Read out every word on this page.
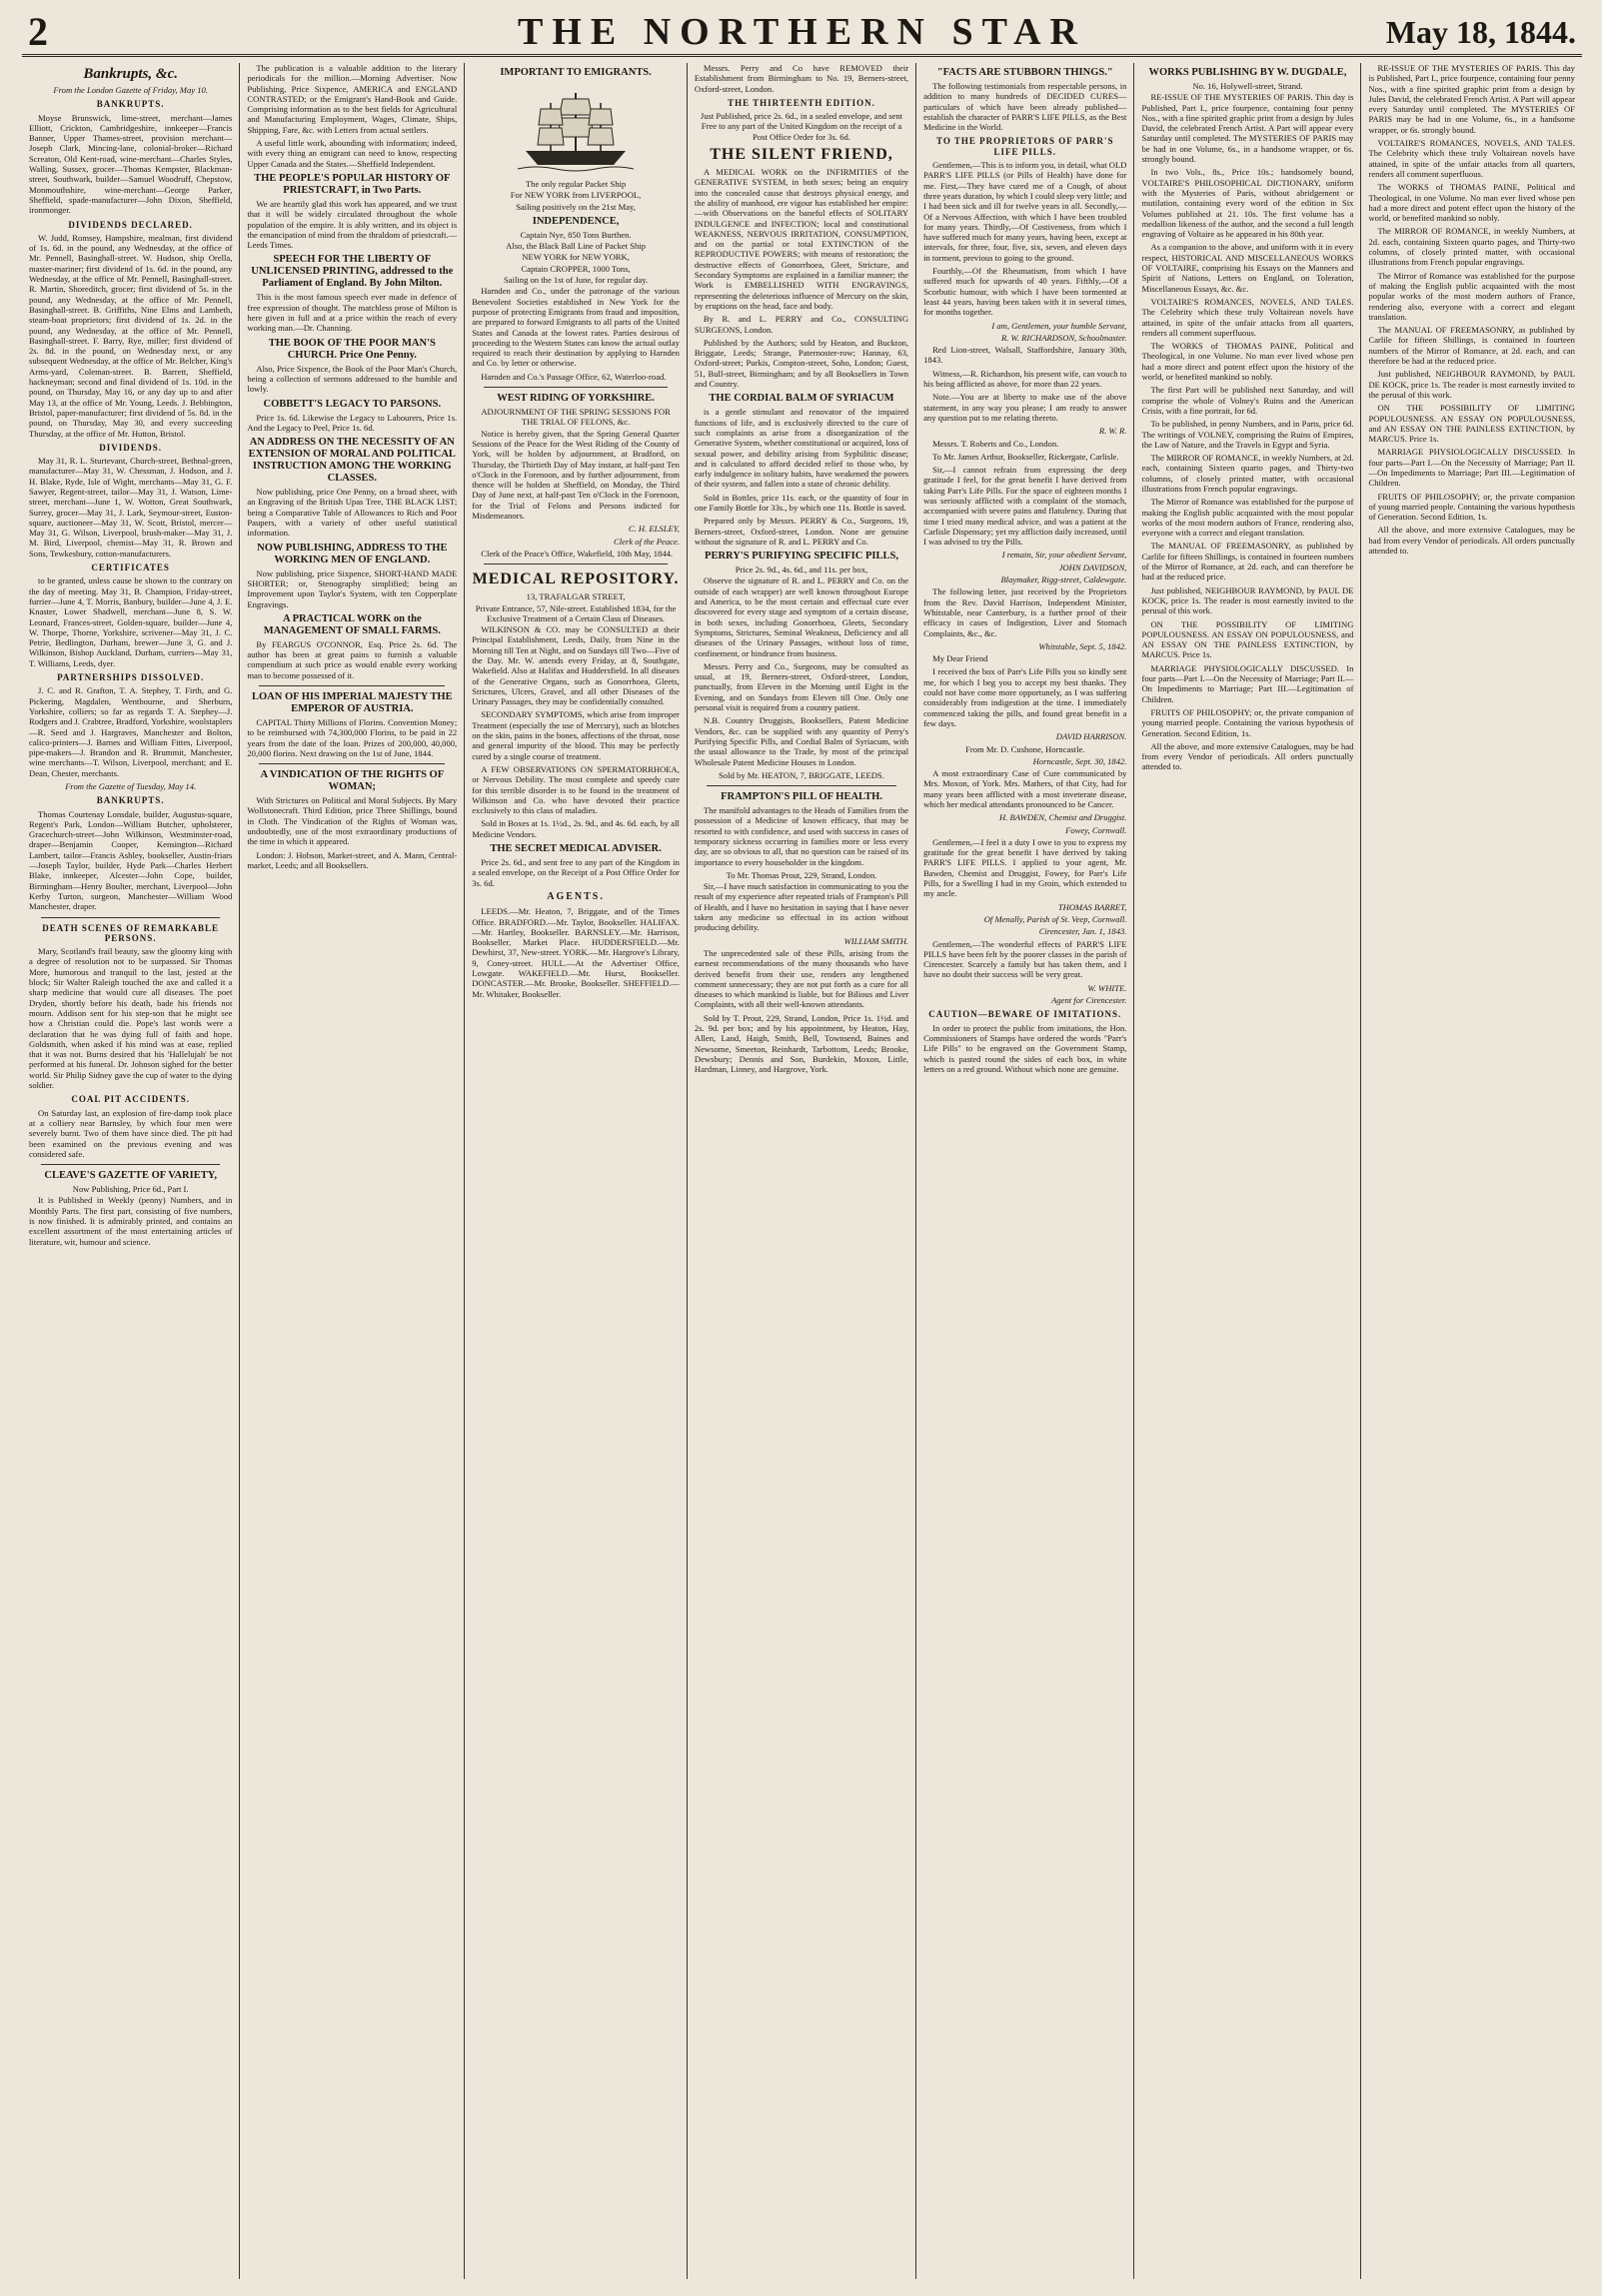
2	THE NORTHERN STAR	May 18, 1844.
Bankrupts, &c.
From the London Gazette of Friday, May 10.
BANKRUPTS.

Moyse Brunswick, lime-street, merchant—James Elliott, Crickton, Cambridgeshire, innkeeper—Francis Banner, Upper Thames-street, provision merchant—Joseph Clark, Mincing-lane, colonial-broker—Richard Screaton, Old Kent-road, wine-merchant—Charles Styles, Walling, Sussex, grocer—Thomas Kempster, Blackman-street, Southwark, builder—Samuel Woodruff, Chepstow, Monmouthshire, wine-merchant—George Parker, Sheffield, spade-manufacturer—John Dixon, Sheffield, ironmonger.

DIVIDENDS DECLARED.

W. Judd, Romsey, Hampshire, mealman, first dividend of 1s. 6d. in the pound, any Wednesday, at the office of Mr. Pennell, Basinghall-street. W. Hudson, ship Orella, master-mariner; first dividend of 1s. 6d. in the pound, any Wednesday, at the office of Mr. Pennell, Basinghall-street. R. Martin, Shoreditch, grocer; first dividend of 5s. in the pound, any Wednesday, at the office of Mr. Pennell, Basinghall-street. B. Griffiths, Nine Elms and Lambeth, steam-boat proprietors; first dividend of 1s. 2d. in the pound, any Wednesday, at the office of Mr. Pennell, Basinghall-street. F. Barry, Rye, miller; first dividend of 2s. 8d. in the pound, on Wednesday next, or any subsequent Wednesday, at the office of Mr. Belcher, King's Arms-yard, Coleman-street. B. Barrett, Sheffield, hackneyman; second and final dividend of 1s. 10d. in the pound, on Thursday, May 16, or any day up to and after May 13, at the office of Mr. Young, Leeds. J. Bebbington, Bristol, paper-manufacturer; first dividend of 5s. 8d. in the pound, on Thursday, May 30, and every succeeding Thursday, at the office of Mr. Hutton, Bristol.

DIVIDENDS.

May 31, R. L. Sturtevant, Church-street, Bethnal-green, manufacturer—May 31, W. Chessman, J. Hodson, and J. H. Blake, Ryde, Isle of Wight, merchants—May 31, G. F. Sawyer, Regent-street, tailor—May 31, J. Watson, Lime-street, merchant—June 1, W. Wotton, Great Southwark, Surrey, grocer—May 31, J. Lark, Seymour-street, Euston-square, auctioneer—May 31, W. Scott, Bristol, mercer—May 31, G. Wilson, Liverpool, brush-maker—May 31, J. M. Bird, Liverpool, chemist—May 31, R. Brown and Sons, Tewkesbury, cotton-manufacturers.

CERTIFICATES

to be granted, unless cause be shown to the contrary on the day of meeting. May 31, B. Champion, Friday-street, furrier—June 4, T. Morris, Banbury, builder—June 4, J. E. Knaster, Lower Shadwell, merchant—June 8, S. W. Leonard, Frances-street, Golden-square, builder—June 4, W. Thorpe, Thorne, Yorkshire, scrivener—May 31, J. C. Petrie, Bedlington, Durham, brewer—June 3, G. and J. Wilkinson, Bishop Auckland, Durham, curriers—May 31, T. Williams, Leeds, dyer.

PARTNERSHIPS DISSOLVED.

J. C. and R. Grafton, T. A. Stephey, T. Firth, and G. Pickering, Magdalen, Wentbourne, and Sherburn, Yorkshire, colliers; so far as regards T. A. Stephey—J. Rodgers and J. Crabtree, Bradford, Yorkshire, woolstaplers—R. Seed and J. Hargraves, Manchester and Bolton, calico-printers—J. Barnes and William Fittes, Liverpool, pipe-makers—J. Brandon and R. Brummit, Manchester, wine merchants—T. Wilson, Liverpool, merchant; and E. Dean, Chester, merchants.

From the Gazette of Tuesday, May 14.
BANKRUPTS.

Thomas Courtenay Lonsdale, builder, Augustus-square, Regent's Park, London—William Butcher, upholsterer, Gracechurch-street—John Wilkinson, Westminster-road, draper—Benjamin Cooper, Kensington—Richard Lambert, tailor—Francis Ashley, bookseller, Austin-friars—Joseph Taylor, builder, Hyde Park—Charles Herbert Blake, innkeeper, Alcester—John Cope, builder, Birmingham—Henry Boulter, merchant, Liverpool—John Kerby Turton, surgeon, Manchester—William Wood Manchester, draper.

DEATH SCENES OF REMARKABLE PERSONS.

Mary, Scotland's frail beauty, saw the gloomy king with a degree of resolution not to be surpassed. Sir Thomas More, humorous and tranquil to the last, jested at the block; Sir Walter Raleigh touched the axe and called it a sharp medicine that would cure all diseases. The poet Dryden, shortly before his death, bade his friends not mourn. Addison sent for his step-son that he might see how a Christian could die. Pope's last words were a declaration that he was dying full of faith and hope. Goldsmith, when asked if his mind was at ease, replied that it was not. Burns desired that his 'Hallelujah' be not performed at his funeral. Dr. Johnson sighed for the better world. Sir Philip Sidney gave the cup of water to the dying soldier.

COAL PIT ACCIDENTS.

On Saturday last, an explosion of fire-damp took place at a colliery near Barnsley, by which four men were severely burnt. Two of them have since died. The pit had been examined on the previous evening and was considered safe.

CLEAVE'S GAZETTE OF VARIETY,
Now Publishing, Price 6d., Part I.

It is Published in Weekly (penny) Numbers, and in Monthly Parts. The first part, consisting of five numbers, is now finished. It is admirably printed, and contains an excellent assortment of the most entertaining articles of literature, wit, humour and science.

The publication is a valuable addition to the literary periodicals for the million.—Morning Advertiser. Now Publishing, Price Sixpence, AMERICA and ENGLAND CONTRASTED; or the Emigrant's Hand-Book and Guide. Comprising information as to the best fields for Agricultural and Manufacturing Employment, Wages, Climate, Ships, Shipping, Fare, &c. with Letters from actual settlers.

A useful little work, abounding with information; indeed, with every thing an emigrant can need to know, respecting Upper Canada and the States.—Sheffield Independent.

THE PEOPLE'S POPULAR HISTORY OF PRIESTCRAFT, in Two Parts.

We are heartily glad this work has appeared, and we trust that it will be widely circulated throughout the whole population of the empire. It is ably written, and its object is the emancipation of mind from the thraldom of priestcraft.—Leeds Times.

SPEECH FOR THE LIBERTY OF UNLICENSED PRINTING, addressed to the Parliament of England. By John Milton.

This is the most famous speech ever made in defence of free expression of thought. The matchless prose of Milton is here given in full and at a price within the reach of every working man.—Dr. Channing.

THE BOOK OF THE POOR MAN'S CHURCH. Price One Penny.

Also, Price Sixpence, the Book of the Poor Man's Church, being a collection of sermons addressed to the humble and lowly.

COBBETT'S LEGACY TO PARSONS.

Price 1s. 6d. Likewise the Legacy to Labourers, Price 1s. And the Legacy to Peel, Price 1s. 6d.

AN ADDRESS ON THE NECESSITY OF AN EXTENSION OF MORAL AND POLITICAL INSTRUCTION AMONG THE WORKING CLASSES.

Now publishing, price One Penny, on a broad sheet, with an Engraving of the British Upas Tree, THE BLACK LIST; being a Comparative Table of Allowances to Rich and Poor Paupers, with a variety of other useful statistical information.

NOW PUBLISHING, ADDRESS TO THE WORKING MEN OF ENGLAND.

Now publishing, price Sixpence, SHORT-HAND MADE SHORTER; or, Stenography simplified; being an Improvement upon Taylor's System, with ten Copperplate Engravings.

A PRACTICAL WORK on the MANAGEMENT OF SMALL FARMS.

By FEARGUS O'CONNOR, Esq. Price 2s. 6d. The author has been at great pains to furnish a valuable compendium at such price as would enable every working man to become possessed of it.

LOAN OF HIS IMPERIAL MAJESTY THE EMPEROR OF AUSTRIA.

CAPITAL Thirty Millions of Florins. Convention Money; to be reimbursed with 74,300,000 Florins, to be paid in 22 years from the date of the loan. Prizes of 200,000, 40,000, 20,000 florins. Next drawing on the 1st of June, 1844.

A VINDICATION OF THE RIGHTS OF WOMAN;

With Strictures on Political and Moral Subjects. By Mary Wollstonecraft. Third Edition, price Three Shillings, bound in Cloth. The Vindication of the Rights of Woman was, undoubtedly, one of the most extraordinary productions of the time in which it appeared.

London: J. Hobson, Market-street, and A. Mann, Central-market, Leeds; and all Booksellers.

IMPORTANT TO EMIGRANTS.
The only regular Packet Ship
For NEW YORK from LIVERPOOL,
Sailing positively on the 21st May,
INDEPENDENCE,
Captain Nye, 850 Tons Burthen.
Also, the Black Ball Line of Packet Ship
NEW YORK for NEW YORK,
Captain CROPPER, 1000 Tons,
Sailing on the 1st of June, for regular day.

Harnden and Co., under the patronage of the various Benevolent Societies established in New York for the purpose of protecting Emigrants from fraud and imposition, are prepared to forward Emigrants to all parts of the United States and Canada at the lowest rates. Parties desirous of proceeding to the Western States can know the actual outlay required to reach their destination by applying to Harnden and Co. by letter or otherwise.

Harnden and Co.'s Passage Office, 62, Waterloo-road.

WEST RIDING OF YORKSHIRE.
ADJOURNMENT OF THE SPRING SESSIONS FOR THE TRIAL OF FELONS, &c.

Notice is hereby given, that the Spring General Quarter Sessions of the Peace for the West Riding of the County of York, will be holden by adjournment, at Bradford, on Thursday, the Thirtieth Day of May instant, at half-past Ten o'Clock in the Forenoon, and by further adjournment, from thence will be holden at Sheffield, on Monday, the Third Day of June next, at half-past Ten o'Clock in the Forenoon, for the Trial of Felons and Persons indicted for Misdemeanors.

C. H. ELSLEY,
Clerk of the Peace.

Clerk of the Peace's Office, Wakefield, 10th May, 1844.

MEDICAL REPOSITORY.
13, TRAFALGAR STREET,
Private Entrance, 57, Nile-street. Established 1834, for the Exclusive Treatment of a Certain Class of Diseases.

WILKINSON & CO. may be CONSULTED at their Principal Establishment, Leeds, Daily, from Nine in the Morning till Ten at Night, and on Sundays till Two—Five of the Day. Mr. W. attends every Friday, at 8, Southgate, Wakefield. Also at Halifax and Huddersfield. In all diseases of the Generative Organs, such as Gonorrhoea, Gleets, Strictures, Ulcers, Gravel, and all other Diseases of the Urinary Passages, they may be confidentially consulted.

SECONDARY SYMPTOMS, which arise from improper Treatment (especially the use of Mercury), such as blotches on the skin, pains in the bones, affections of the throat, nose and general impurity of the blood. This may be perfectly cured by a single course of treatment.

A FEW OBSERVATIONS ON SPERMATORRHOEA, or Nervous Debility. The most complete and speedy cure for this terrible disorder is to be found in the treatment of Wilkinson and Co. who have devoted their practice exclusively to this class of maladies.

Sold in Boxes at 1s. 1½d., 2s. 9d., and 4s. 6d. each, by all Medicine Vendors.

THE SECRET MEDICAL ADVISER.

Price 2s. 6d., and sent free to any part of the Kingdom in a sealed envelope, on the Receipt of a Post Office Order for 3s. 6d.

AGENTS.

LEEDS.—Mr. Heaton, 7, Briggate, and of the Times Office. BRADFORD.—Mr. Taylor, Bookseller. HALIFAX.—Mr. Hartley, Bookseller. BARNSLEY.—Mr. Harrison, Bookseller, Market Place. HUDDERSFIELD.—Mr. Dewhirst, 37, New-street. YORK.—Mr. Hargrove's Library, 9, Coney-street. HULL.—At the Advertiser Office, Lowgate. WAKEFIELD.—Mr. Hurst, Bookseller. DONCASTER.—Mr. Brooke, Bookseller. SHEFFIELD.—Mr. Whitaker, Bookseller.

Messrs. Perry and Co have REMOVED their Establishment from Birmingham to No. 19, Berners-street, Oxford-street, London.

THE THIRTEENTH EDITION.
Just Published, price 2s. 6d., in a sealed envelope, and sent Free to any part of the United Kingdom on the receipt of a Post Office Order for 3s. 6d.
THE SILENT FRIEND,

A MEDICAL WORK on the INFIRMITIES of the GENERATIVE SYSTEM, in both sexes; being an enquiry into the concealed cause that destroys physical energy, and the ability of manhood, ere vigour has established her empire:—with Observations on the baneful effects of SOLITARY INDULGENCE and INFECTION; local and constitutional WEAKNESS, NERVOUS IRRITATION, CONSUMPTION, and on the partial or total EXTINCTION of the REPRODUCTIVE POWERS; with means of restoration; the destructive effects of Gonorrhoea, Gleet, Stricture, and Secondary Symptoms are explained in a familiar manner; the Work is EMBELLISHED WITH ENGRAVINGS, representing the deleterious influence of Mercury on the skin, by eruptions on the head, face and body.

By R. and L. PERRY and Co., CONSULTING SURGEONS, London.

Published by the Authors; sold by Heaton, and Buckton, Briggate, Leeds; Strange, Paternoster-row; Hannay, 63, Oxford-street; Purkis, Compton-street, Soho, London; Guest, 51, Bull-street, Birmingham; and by all Booksellers in Town and Country.

THE CORDIAL BALM OF SYRIACUM

is a gentle stimulant and renovator of the impaired functions of life, and is exclusively directed to the cure of such complaints as arise from a disorganization of the Generative System, whether constitutional or acquired, loss of sexual power, and debility arising from Syphilitic disease; and is calculated to afford decided relief to those who, by early indulgence in solitary habits, have weakened the powers of their system, and fallen into a state of chronic debility.

Sold in Bottles, price 11s. each, or the quantity of four in one Family Bottle for 33s., by which one 11s. Bottle is saved.

Prepared only by Messrs. PERRY & Co., Surgeons, 19, Berners-street, Oxford-street, London. None are genuine without the signature of R. and L. PERRY and Co.

PERRY'S PURIFYING SPECIFIC PILLS,
Price 2s. 9d., 4s. 6d., and 11s. per box,

Observe the signature of R. and L. PERRY and Co. on the outside of each wrapper) are well known throughout Europe and America, to be the most certain and effectual cure ever discovered for every stage and symptom of a certain disease, in both sexes, including Gonorrhoea, Gleets, Secondary Symptoms, Strictures, Seminal Weakness, Deficiency and all diseases of the Urinary Passages, without loss of time, confinement, or hindrance from business.

Messrs. Perry and Co., Surgeons, may be consulted as usual, at 19, Berners-street, Oxford-street, London, punctually, from Eleven in the Morning until Eight in the Evening, and on Sundays from Eleven till One. Only one personal visit is required from a country patient.

N.B. Country Druggists, Booksellers, Patent Medicine Vendors, &c. can be supplied with any quantity of Perry's Purifying Specific Pills, and Cordial Balm of Syriacum, with the usual allowance to the Trade, by most of the principal Wholesale Patent Medicine Houses in London.

Sold by Mr. HEATON, 7, BRIGGATE, LEEDS.
FRAMPTON'S PILL OF HEALTH.

The manifold advantages to the Heads of Families from the possession of a Medicine of known efficacy, that may be resorted to with confidence, and used with success in cases of temporary sickness occurring in families more or less every day, are so obvious to all, that no question can be raised of its importance to every householder in the kingdom.

To Mr. Thomas Prout, 229, Strand, London.

Sir,—I have much satisfaction in communicating to you the result of my experience after repeated trials of Frampton's Pill of Health, and I have no hesitation in saying that I have never taken any medicine so effectual in its action without producing debility.

WILLIAM SMITH.

The unprecedented sale of these Pills, arising from the earnest recommendations of the many thousands who have derived benefit from their use, renders any lengthened comment unnecessary; they are not put forth as a cure for all diseases to which mankind is liable, but for Bilious and Liver Complaints, with all their well-known attendants.

Sold by T. Prout, 229, Strand, London, Price 1s. 1½d. and 2s. 9d. per box; and by his appointment, by Heaton, Hay, Allen, Land, Haigh, Smith, Bell, Townsend, Baines and Newsome, Smeeton, Reinhardt, Tarbottom, Leeds; Brooke, Dewsbury; Dennis and Son, Burdekin, Moxon, Little, Hardman, Linney, and Hargrove, York.

"FACTS ARE STUBBORN THINGS."

The following testimonials from respectable persons, in addition to many hundreds of DECIDED CURES—particulars of which have been already published—establish the character of PARR'S LIFE PILLS, as the Best Medicine in the World.

TO THE PROPRIETORS OF PARR'S LIFE PILLS.

Gentlemen,—This is to inform you, in detail, what OLD PARR'S LIFE PILLS (or Pills of Health) have done for me. First,—They have cured me of a Cough, of about three years duration, by which I could sleep very little; and I had been sick and ill for twelve years in all. Secondly,—Of a Nervous Affection, with which I have been troubled for many years. Thirdly,—Of Costiveness, from which I have suffered much for many years, having been, except at intervals, for three, four, five, six, seven, and eleven days in torment, previous to going to the ground.

Fourthly,—Of the Rheumatism, from which I have suffered much for upwards of 40 years. Fifthly,—Of a Scorbutic humour, with which I have been tormented at least 44 years, having been taken with it in several times, for months together.

I am, Gentlemen, your humble Servant,
R. W. RICHARDSON, Schoolmaster.

Red Lion-street, Walsall, Staffordshire, January 30th, 1843.

Witness,—R. Richardson, his present wife, can vouch to his being afflicted as above, for more than 22 years.

Note.—You are at liberty to make use of the above statement, in any way you please; I am ready to answer any question put to me relating thereto.

R. W. R.

Messrs. T. Roberts and Co., London.

To Mr. James Arthur, Bookseller, Rickergate, Carlisle.

Sir,—I cannot refrain from expressing the deep gratitude I feel, for the great benefit I have derived from taking Parr's Life Pills. For the space of eighteen months I was seriously afflicted with a complaint of the stomach, accompanied with severe pains and flatulency. During that time I tried many medical advice, and was a patient at the Carlisle Dispensary; yet my affliction daily increased, until I was advised to try the Pills.

I remain, Sir, your obedient Servant,
JOHN DAVIDSON,
Blaymaker, Rigg-street, Caldewgate.

The following letter, just received by the Proprietors from the Rev. David Harrison, Independent Minister, Whitstable, near Canterbury, is a further proof of their efficacy in cases of Indigestion, Liver and Stomach Complaints, &c., &c.

Whitstable, Sept. 5, 1842.

My Dear Friend

I received the box of Parr's Life Pills you so kindly sent me, for which I beg you to accept my best thanks. They could not have come more opportunely, as I was suffering considerably from indigestion at the time. I immediately commenced taking the pills, and found great benefit in a few days.

DAVID HARRISON.
From Mr. D. Cushone, Horncastle.
Horncastle, Sept. 30, 1842.

A most extraordinary Case of Cure communicated by Mrs. Moxon, of York. Mrs. Mathers, of that City, had for many years been afflicted with a most inveterate disease, which her medical attendants pronounced to be Cancer.

H. BAWDEN, Chemist and Druggist.
Fowey, Cornwall.

Gentlemen,—I feel it a duty I owe to you to express my gratitude for the great benefit I have derived by taking PARR'S LIFE PILLS. I applied to your agent, Mr. Bawden, Chemist and Druggist, Fowey, for Parr's Life Pills, for a Swelling I had in my Groin, which extended to my ancle.

THOMAS BARRET,
Of Menally, Parish of St. Veep, Cornwall.
Cirencester, Jan. 1, 1843.

Gentlemen,—The wonderful effects of PARR'S LIFE PILLS have been felt by the poorer classes in the parish of Cirencester. Scarcely a family but has taken them, and I have no doubt their success will be very great.

W. WHITE.
Agent for Cirencester.
CAUTION—BEWARE OF IMITATIONS.

In order to protect the public from imitations, the Hon. Commissioners of Stamps have ordered the words "Parr's Life Pills" to be engraved on the Government Stamp, which is pasted round the sides of each box, in white letters on a red ground. Without which none are genuine.

WORKS PUBLISHING BY W. DUGDALE,
No. 16, Holywell-street, Strand.

RE-ISSUE OF THE MYSTERIES OF PARIS. This day is Published, Part I., price fourpence, containing four penny Nos., with a fine spirited graphic print from a design by Jules David, the celebrated French Artist. A Part will appear every Saturday until completed. The MYSTERIES OF PARIS may be had in one Volume, 6s., in a handsome wrapper, or 6s. strongly bound.

In two Vols., 8s., Price 10s.; handsomely bound, VOLTAIRE'S PHILOSOPHICAL DICTIONARY, uniform with the Mysteries of Paris, without abridgement or mutilation, containing every word of the edition in Six Volumes published at 21. 10s. The first volume has a medallion likeness of the author, and the second a full length engraving of Voltaire as he appeared in his 80th year.

As a companion to the above, and uniform with it in every respect, HISTORICAL AND MISCELLANEOUS WORKS OF VOLTAIRE, comprising his Essays on the Manners and Spirit of Nations, Letters on England, on Toleration, Miscellaneous Essays, &c. &c.

VOLTAIRE'S ROMANCES, NOVELS, AND TALES. The Celebrity which these truly Voltairean novels have attained, in spite of the unfair attacks from all quarters, renders all comment superfluous.

The WORKS of THOMAS PAINE, Political and Theological, in one Volume. No man ever lived whose pen had a more direct and potent effect upon the history of the world, or benefited mankind so nobly.

The first Part will be published next Saturday, and will comprise the whole of Volney's Ruins and the American Crisis, with a fine portrait, for 6d.

To be published, in penny Numbers, and in Parts, price 6d. The writings of VOLNEY, comprising the Ruins of Empires, the Law of Nature, and the Travels in Egypt and Syria.

The MIRROR OF ROMANCE, in weekly Numbers, at 2d. each, containing Sixteen quarto pages, and Thirty-two columns, of closely printed matter, with occasional illustrations from French popular engravings.

The Mirror of Romance was established for the purpose of making the English public acquainted with the most popular works of the most modern authors of France, rendering also, everyone with a correct and elegant translation.

The MANUAL OF FREEMASONRY, as published by Carlile for fifteen Shillings, is contained in fourteen numbers of the Mirror of Romance, at 2d. each, and can therefore be had at the reduced price.

Just published, NEIGHBOUR RAYMOND, by PAUL DE KOCK, price 1s. The reader is most earnestly invited to the perusal of this work.

ON THE POSSIBILITY OF LIMITING POPULOUSNESS. AN ESSAY ON POPULOUSNESS, and AN ESSAY ON THE PAINLESS EXTINCTION, by MARCUS. Price 1s.

MARRIAGE PHYSIOLOGICALLY DISCUSSED. In four parts—Part I.—On the Necessity of Marriage; Part II.—On Impediments to Marriage; Part III.—Legitimation of Children.

FRUITS OF PHILOSOPHY; or, the private companion of young married people. Containing the various hypothesis of Generation. Second Edition, 1s.

All the above, and more extensive Catalogues, may be had from every Vendor of periodicals. All orders punctually attended to.

RE-ISSUE OF THE MYSTERIES OF PARIS. This day is Published, Part I., price fourpence, containing four penny Nos., with a fine spirited graphic print from a design by Jules David, the celebrated French Artist. A Part will appear every Saturday until completed. The MYSTERIES OF PARIS may be had in one Volume, 6s., in a handsome wrapper, or 6s. strongly bound.

VOLTAIRE'S ROMANCES, NOVELS, AND TALES. The Celebrity which these truly Voltairean novels have attained, in spite of the unfair attacks from all quarters, renders all comment superfluous.

The WORKS of THOMAS PAINE, Political and Theological, in one Volume. No man ever lived whose pen had a more direct and potent effect upon the history of the world, or benefited mankind so nobly.

The MIRROR OF ROMANCE, in weekly Numbers, at 2d. each, containing Sixteen quarto pages, and Thirty-two columns, of closely printed matter, with occasional illustrations from French popular engravings.

The Mirror of Romance was established for the purpose of making the English public acquainted with the most popular works of the most modern authors of France, rendering also, everyone with a correct and elegant translation.

The MANUAL OF FREEMASONRY, as published by Carlile for fifteen Shillings, is contained in fourteen numbers of the Mirror of Romance, at 2d. each, and can therefore be had at the reduced price.

Just published, NEIGHBOUR RAYMOND, by PAUL DE KOCK, price 1s. The reader is most earnestly invited to the perusal of this work.

ON THE POSSIBILITY OF LIMITING POPULOUSNESS. AN ESSAY ON POPULOUSNESS, and AN ESSAY ON THE PAINLESS EXTINCTION, by MARCUS. Price 1s.

MARRIAGE PHYSIOLOGICALLY DISCUSSED. In four parts—Part I.—On the Necessity of Marriage; Part II.—On Impediments to Marriage; Part III.—Legitimation of Children.

FRUITS OF PHILOSOPHY; or, the private companion of young married people. Containing the various hypothesis of Generation. Second Edition, 1s.

All the above, and more extensive Catalogues, may be had from every Vendor of periodicals. All orders punctually attended to.
